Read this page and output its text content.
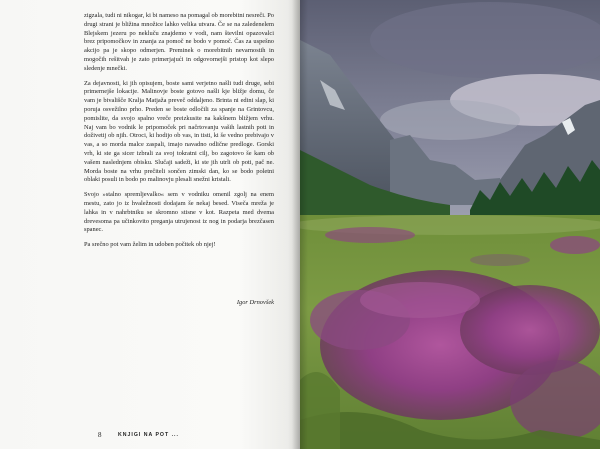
zigzala, tudi ni nikogar, ki bi nameso na pomagal ob morebitni nesreči. Po drugi strani je bližina množice lahko velika utvara. Če se na zaledenelem Blejskem jezeru po nekluču znajdemo v vodi, nam številni opazovalci brez pripomočkov in znanja za pomoč ne bodo v pomoč. Čas za uspešno akcijo pa je skopo odmerjen. Preminek o morebitnih nevarnostih in mogočih rešitvah je zato primerjajući in odgovornejši pristop kot slepo sledenje mnečki.

Za dejavnosti, ki jih opisujem, boste sami verjetno našli tudi druge, sebi primernejše lokacije. Malinovje boste gotovo našli kje bližje domu, če vam je bivališče Kralja Matjaža preveč oddaljeno. Brinta ni edini slap, ki poruja osvežilno prho. Preden se boste odločili za spanje na Grintovcu, pomislite, da svojo spalno vreče preizkusite na kakšnem bližjem vrhu. Naj vam bo vodnik le pripomoček pri načrtovanju vaših lastnih poti in doživetij ob njih. Otroci, ki hodijo ob vas, in tisti, ki še vedno prebivajo v vas, a so morda malce zaspali, imajo navadno odlične predloge. Gorski vrh, ki ste ga sicer izbrali za svoj tokratni cilj, bo zagotovo še kam ob vašem naslednjem obisku. Slučaji sadeži, ki ste jih utrli ob poti, pač ne. Morda boste na vrhu prečiteli sončen zimski dan, ko se bodo poletni oblaki posuli in bodo po malinovju plesali snežni kristali.

Svojo »stalno spremljevalko« sem v vodniku omenil zgolj na enem mestu, zato jo iz hvaležnosti dodajam še nekaj besed. Viseča mreža je lahka in v nahrbtniku se skromno stisne v kot. Razpeta med dvema drevesoma pa učinkovito preganja utrujenost iz nog in podarja brezčasen spanec.

Pa srečno pot vam želim in udoben počitek ob njej!

Igor Drnovšek
8	KNJIGI NA POT ...
